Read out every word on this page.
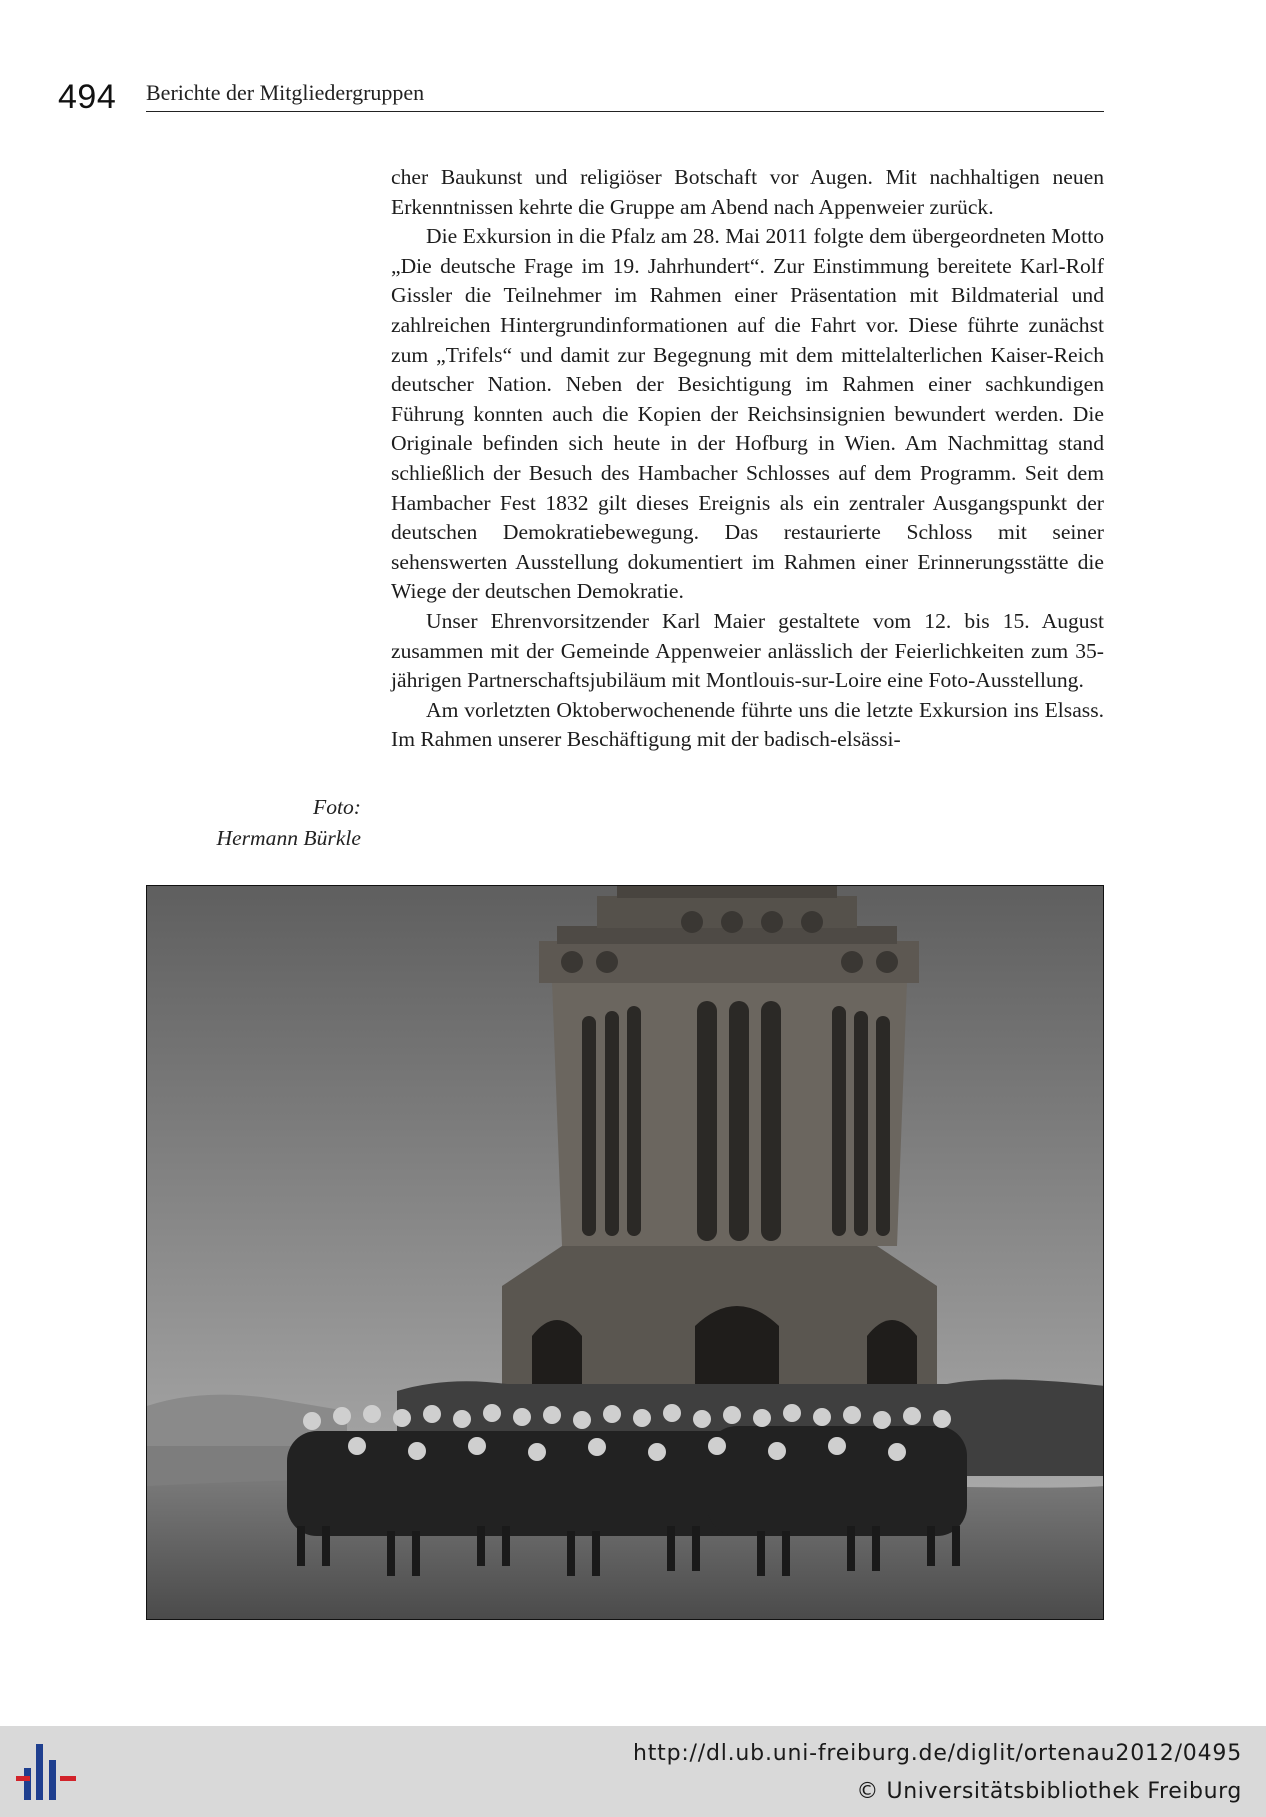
494 Berichte der Mitgliedergruppen

cher Baukunst und religiöser Botschaft vor Augen. Mit nachhaltigen neuen Erkenntnissen kehrte die Gruppe am Abend nach Appenweier zurück.

Die Exkursion in die Pfalz am 28. Mai 2011 folgte dem übergeordneten Motto „Die deutsche Frage im 19. Jahrhundert“. Zur Einstimmung bereitete Karl-Rolf Gissler die Teilnehmer im Rahmen einer Präsentation mit Bildmaterial und zahlreichen Hintergrundinformationen auf die Fahrt vor. Diese führte zunächst zum „Trifels“ und damit zur Begegnung mit dem mittelalterlichen Kaiser-Reich deutscher Nation. Neben der Besichtigung im Rahmen einer sachkundigen Führung konnten auch die Kopien der Reichsinsignien bewundert werden. Die Originale befinden sich heute in der Hofburg in Wien. Am Nachmittag stand schließlich der Besuch des Hambacher Schlosses auf dem Programm. Seit dem Hambacher Fest 1832 gilt dieses Ereignis als ein zentraler Ausgangspunkt der deutschen Demokratiebewegung. Das restaurierte Schloss mit seiner sehenswerten Ausstellung dokumentiert im Rahmen einer Erinnerungsstätte die Wiege der deutschen Demokratie.

Unser Ehrenvorsitzender Karl Maier gestaltete vom 12. bis 15. August zusammen mit der Gemeinde Appenweier anlässlich der Feierlichkeiten zum 35-jährigen Partnerschaftsjubiläum mit Montlouis-sur-Loire eine Foto-Ausstellung.

Am vorletzten Oktoberwochenende führte uns die letzte Exkursion ins Elsass. Im Rahmen unserer Beschäftigung mit der badisch-elsässi-

Foto:
Hermann Bürkle
http://dl.ub.uni-freiburg.de/diglit/ortenau2012/0495
© Universitätsbibliothek Freiburg
